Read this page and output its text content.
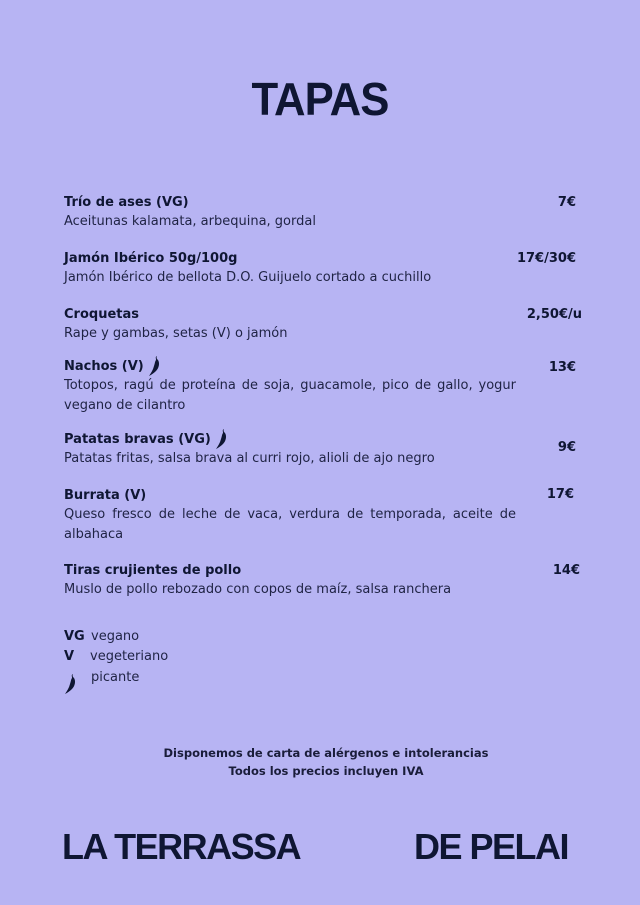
TAPAS
Trío de ases (VG)
Aceitunas kalamata, arbequina, gordal
7€
Jamón Ibérico 50g/100g
Jamón Ibérico de bellota D.O. Guijuelo cortado a cuchillo
17€/30€
Croquetas
Rape y gambas, setas (V) o jamón
2,50€/u
Nachos (V)
Totopos, ragú de proteína de soja, guacamole, pico de gallo, yogur vegano de cilantro
13€
Patatas bravas (VG)
Patatas fritas, salsa brava al curri rojo, alioli de ajo negro
9€
Burrata (V)
Queso fresco de leche de vaca, verdura de temporada, aceite de albahaca
17€
Tiras crujientes de pollo
Muslo de pollo rebozado con copos de maíz, salsa ranchera
14€
VG vegano
V	vegeteriano
picante
Disponemos de carta de alérgenos e intolerancias
Todos los precios incluyen IVA
LA TERRASSA	DE PELAI
